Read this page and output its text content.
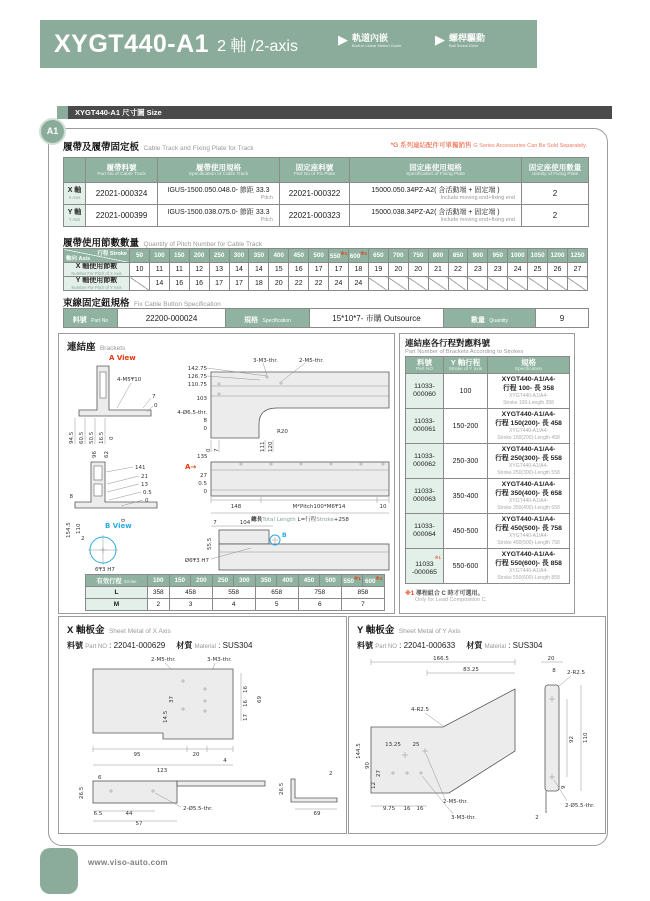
XYGT440-A1 2 軸 /2-axis	▶ 軌道內嵌
Built-in Linear Motion Guide	▶ 螺桿驅動
Ball Screw Drive
XYGT440-A1 尺寸圖 Size
A1
履帶及履帶固定板 Cable Track and Fixing Plate for Track	*G 系列連結配件可單獨銷售 G Series Accessories Can Be Sold Separately.

	履帶料號
Part No of Cable Track	履帶使用規格
Specification of Cable Track	固定座料號
Part No of Fix Plate	固定座使用規格
Specification of Fixing Plate	固定座使用數量
Uantity of Fixing Plate

X 軸
X Axis	22021-000324	IGUS-1500.050.048.0- 節距 33.3
Pitch	22021-000322	15000.050.34PZ-A2( 含活動端 + 固定端 )
Include moving end+fixing end	2

Y 軸
Y Axis	22021-000399	IGUS-1500.038.075.0- 節距 33.3
Pitch	22021-000323	15000.038.34PZ-A2( 含活動端 + 固定端 )
Include moving end+fixing end	2
履帶使用節數數量 Quantity of Pitch Number for Cable Track
行程 Stroke
軸向 Axis	50	100	150	200	250	300	350	400	450	500	550$^{※1}$	600$^{※1}$	650	700	750	800	850	900	950	1000	1050	1200	1250

X 軸使用節數
Number For Pitch of X Axis	10	11	11	12	13	14	14	15	16	17	17	18	19	20	20	21	22	23	23	24	25	26	27

Y 軸使用節數
Number For Pitch of Y Axis		14	16	16	17	17	18	20	22	22	24	24											
束線固定鈕規格 Fix Cable Button Specification
料號 Part No	22200-000024	規格 Specification	15*10*7- 市購 Outsource	數量 Quantity	9
連結座 Brackets
A View
4-M5₸10
7
0
94.5 60.5 50.5 16.5 0
142.75
126.75
110.75
103
3-M3-thr.	2-M5-thr.
4-Ø6.5-thr.
8
0	R20
0 7	111 120
96 62
141
21
13
0.5
0
8
154.5 110
0
B View
2
6₸3 H7
135
A→
27
0.5
0
148	M*Pitch100*M6₸14	10
總長Total Length L=行程Stroke+258
7	104
55.5
Ø6₸3 H7
B
有效行程 Stroke	100	150	200	250	300	350	400	450	500	550$^{※1}$	600$^{※1}$
L	358	458		558		658		758		858	
M	2	3		4		5		6		7	
連結座各行程對應料號
Part Number of Brackets According to Strokes
料號
Part NO	Y 軸行程
Stroke of Y axis	規格
Specification

11033-
000060	100	XYGT440-A1/A4-
行程 100- 長 358
XYGT440-A1/A4-
Stroke 100-Length 358

11033-
000061	150-200	XYGT440-A1/A4-
行程 150(200)- 長 458
XYGT440-A1/A4-
Stroke 150(200)-Length 458

11033-
000062	250-300	XYGT440-A1/A4-
行程 250(300)- 長 558
XYGT440-A1/A4-
Stroke 250(300)-Length 558

11033-
000063	350-400	XYGT440-A1/A4-
行程 350(400)- 長 658
XYGT440-A1/A4-
Stroke 350(400)-Length 658

11033-
000064	450-500	XYGT440-A1/A4-
行程 450(500)- 長 758
XYGT440-A1/A4-
Stroke 450(500)-Length 758

※1
11033
-000065	550-600	XYGT440-A1/A4-
行程 550(600)- 長 858
XYGT440-A1/A4-
Stroke 550(600)-Length 858
※1 導程組合 C 時才可選用。
Only for Lead Composition C.
X 軸板金 Sheet Metal of X Axis
料號 Part NO : 22041-000629 材質 Material : SUS304
2-M5-thr.	3-M3-thr.
37
14.5
16
16
17
69
95	20
4
123
2-Ø5.5-thr.
26.5
6
6.5	44
57
26.5
69
2
Y 軸板金 Sheet Metal of Y Axis
料號 Part NO : 22041-000633 材質 Material : SUS304
166.5
83.25
20
8 2-R2.5
4-R2.5
144.5
90
13.25 25
27
12
9.75 16 16
2-M5-thr.
3-M3-thr.
92 110
9
2-Ø5.5-thr.
2
www.viso-auto.com
